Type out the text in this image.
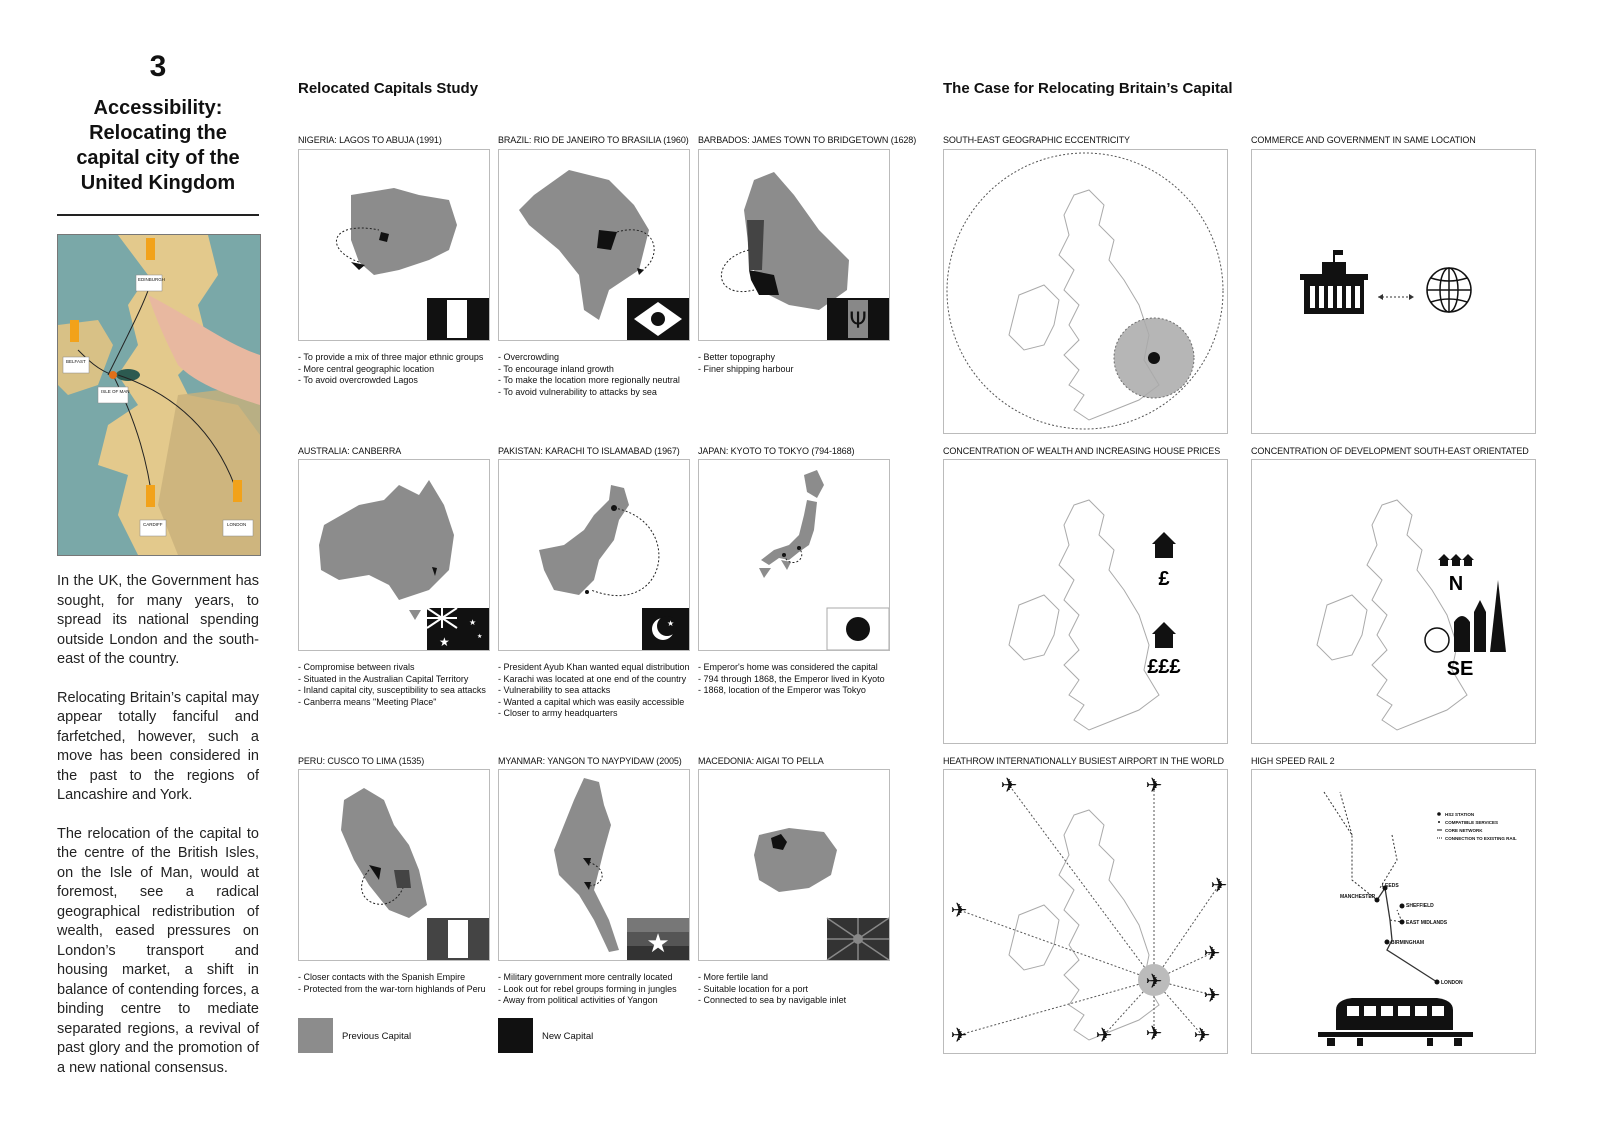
3
Accessibility:
Relocating the
capital city of the
United Kingdom
EDINBURGH
BELFAST
ISLE OF MAN
CARDIFF	LONDON

In the UK, the Government has sought, for many years, to spread its national spending outside London and the south-east of the country.

Relocating Britain’s capital may appear totally fanciful and farfetched, however, such a move has been considered in the past to the regions of Lancashire and York.

The relocation of the capital to the centre of the British Isles, on the Isle of Man, would at foremost, see a radical geographical redistribution of wealth, eased pressures on London’s transport and housing market, a shift in balance of contending forces, a binding centre to mediate separated regions, a revival of past glory and the promotion of a new national consensus.

Relocated Capitals Study
NIGERIA: LAGOS TO ABUJA (1991)
- To provide a mix of three major ethnic groups
- More central geographic location
- To avoid overcrowded Lagos
BRAZIL: RIO DE JANEIRO TO BRASILIA (1960)
- Overcrowding
- To encourage inland growth
- To make the location more regionally neutral
- To avoid vulnerability to attacks by sea
BARBADOS: JAMES TOWN TO BRIDGETOWN (1628)
Ψ
- Better topography
- Finer shipping harbour
AUSTRALIA: CANBERRA
★
★
★
- Compromise between rivals
- Situated in the Australian Capital Territory
- Inland capital city, susceptibility to sea attacks
- Canberra means "Meeting Place"
PAKISTAN: KARACHI TO ISLAMABAD (1967)
★
- President Ayub Khan wanted equal distribution
- Karachi was located at one end of the country
- Vulnerability to sea attacks
- Wanted a capital which was easily accessible
- Closer to army headquarters
JAPAN: KYOTO TO TOKYO (794-1868)
- Emperor's home was considered the capital
- 794 through 1868, the Emperor lived in Kyoto
- 1868, location of the Emperor was Tokyo
PERU: CUSCO TO LIMA (1535)
- Closer contacts with the Spanish Empire
- Protected from the war-torn highlands of Peru
MYANMAR: YANGON TO NAYPYIDAW (2005)
★
- Military government more centrally located
- Look out for rebel groups forming in jungles
- Away from political activities of Yangon
MACEDONIA: AIGAI TO PELLA
- More fertile land
- Suitable location for a port
- Connected to sea by navigable inlet
Previous Capital	New Capital
The Case for Relocating Britain’s Capital
SOUTH-EAST GEOGRAPHIC ECCENTRICITY	COMMERCE AND GOVERNMENT IN SAME LOCATION
CONCENTRATION OF WEALTH AND INCREASING HOUSE PRICES
£
£££
CONCENTRATION OF DEVELOPMENT SOUTH-EAST ORIENTATED
N
SE
HEATHROW INTERNATIONALLY BUSIEST AIRPORT IN THE WORLD
✈
✈	✈
✈
✈
✈
✈
✈	✈ ✈ ✈
HIGH SPEED RAIL 2
LEEDS
MANCHESTER
SHEFFIELD
EAST MIDLANDS
BIRMINGHAM
LONDON
HS2 STATION
COMPATIBLE SERVICES
CORE NETWORK
CONNECTION TO EXISTING RAIL
